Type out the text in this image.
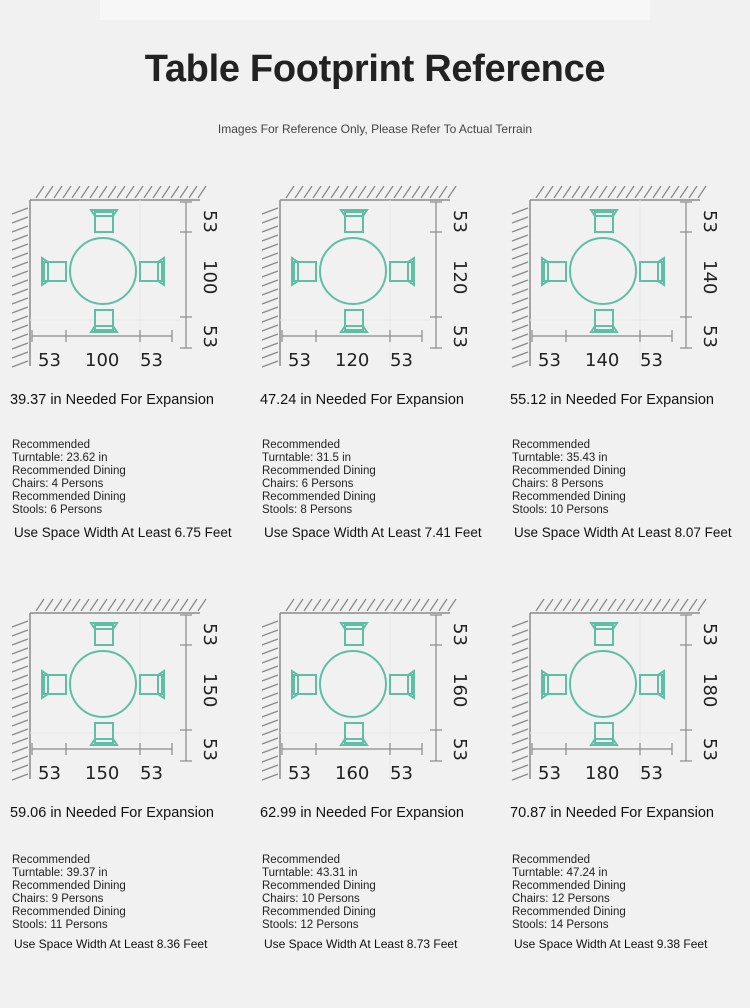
Table Footprint Reference
Images For Reference Only, Please Refer To Actual Terrain
53
100
53
53 100 53
39.37 in Needed For Expansion
Recommended
Turntable: 23.62 in
Recommended Dining
Chairs: 4 Persons
Recommended Dining
Stools: 6 Persons
Use Space Width At Least 6.75 Feet
53
120
53
53 120 53
47.24 in Needed For Expansion
Recommended
Turntable: 31.5 in
Recommended Dining
Chairs: 6 Persons
Recommended Dining
Stools: 8 Persons
Use Space Width At Least 7.41 Feet
53
140
53
53 140 53
55.12 in Needed For Expansion
Recommended
Turntable: 35.43 in
Recommended Dining
Chairs: 8 Persons
Recommended Dining
Stools: 10 Persons
Use Space Width At Least 8.07 Feet
53
150
53
53 150 53
59.06 in Needed For Expansion
Recommended
Turntable: 39.37 in
Recommended Dining
Chairs: 9 Persons
Recommended Dining
Stools: 11 Persons
Use Space Width At Least 8.36 Feet
53
160
53
53 160 53
62.99 in Needed For Expansion
Recommended
Turntable: 43.31 in
Recommended Dining
Chairs: 10 Persons
Recommended Dining
Stools: 12 Persons
Use Space Width At Least 8.73 Feet
53
180
53
53 180 53
70.87 in Needed For Expansion
Recommended
Turntable: 47.24 in
Recommended Dining
Chairs: 12 Persons
Recommended Dining
Stools: 14 Persons
Use Space Width At Least 9.38 Feet
